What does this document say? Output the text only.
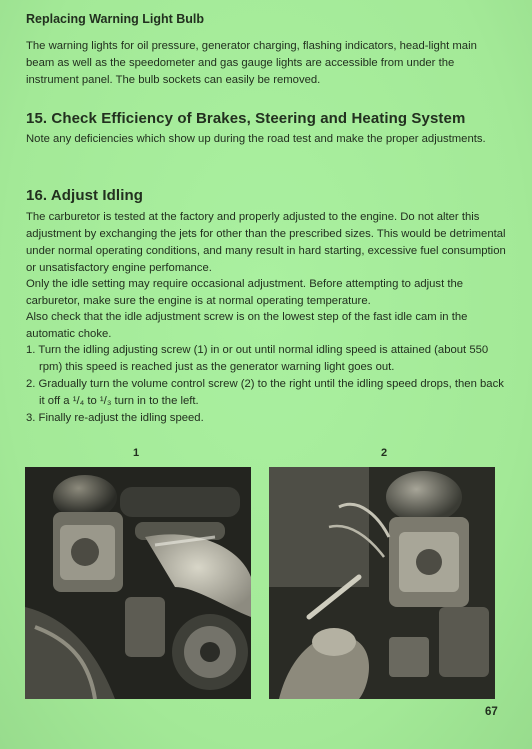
Replacing Warning Light Bulb

The warning lights for oil pressure, generator charging, flashing indicators, head-light main beam as well as the speedometer and gas gauge lights are accessible from under the instrument panel. The bulb sockets can easily be removed.

15. Check Efficiency of Brakes, Steering and Heating System

Note any deficiencies which show up during the road test and make the proper adjustments.

16. Adjust Idling

The carburetor is tested at the factory and properly adjusted to the engine. Do not alter this adjustment by exchanging the jets for other than the prescribed sizes. This would be detrimental under normal operating conditions, and many result in hard starting, excessive fuel consumption or unsatisfactory engine perfomance.

Only the idle setting may require occasional adjustment. Before attempting to adjust the carburetor, make sure the engine is at normal operating temperature.

Also check that the idle adjustment screw is on the lowest step of the fast idle cam in the automatic choke.

1. Turn the idling adjusting screw (1) in or out until normal idling speed is attained (about 550 rpm) this speed is reached just as the generator warning light goes out.

2. Gradually turn the volume control screw (2) to the right until the idling speed drops, then back it off a ¹/₄ to ¹/₃ turn in to the left.

3. Finally re-adjust the idling speed.

1	2
67
